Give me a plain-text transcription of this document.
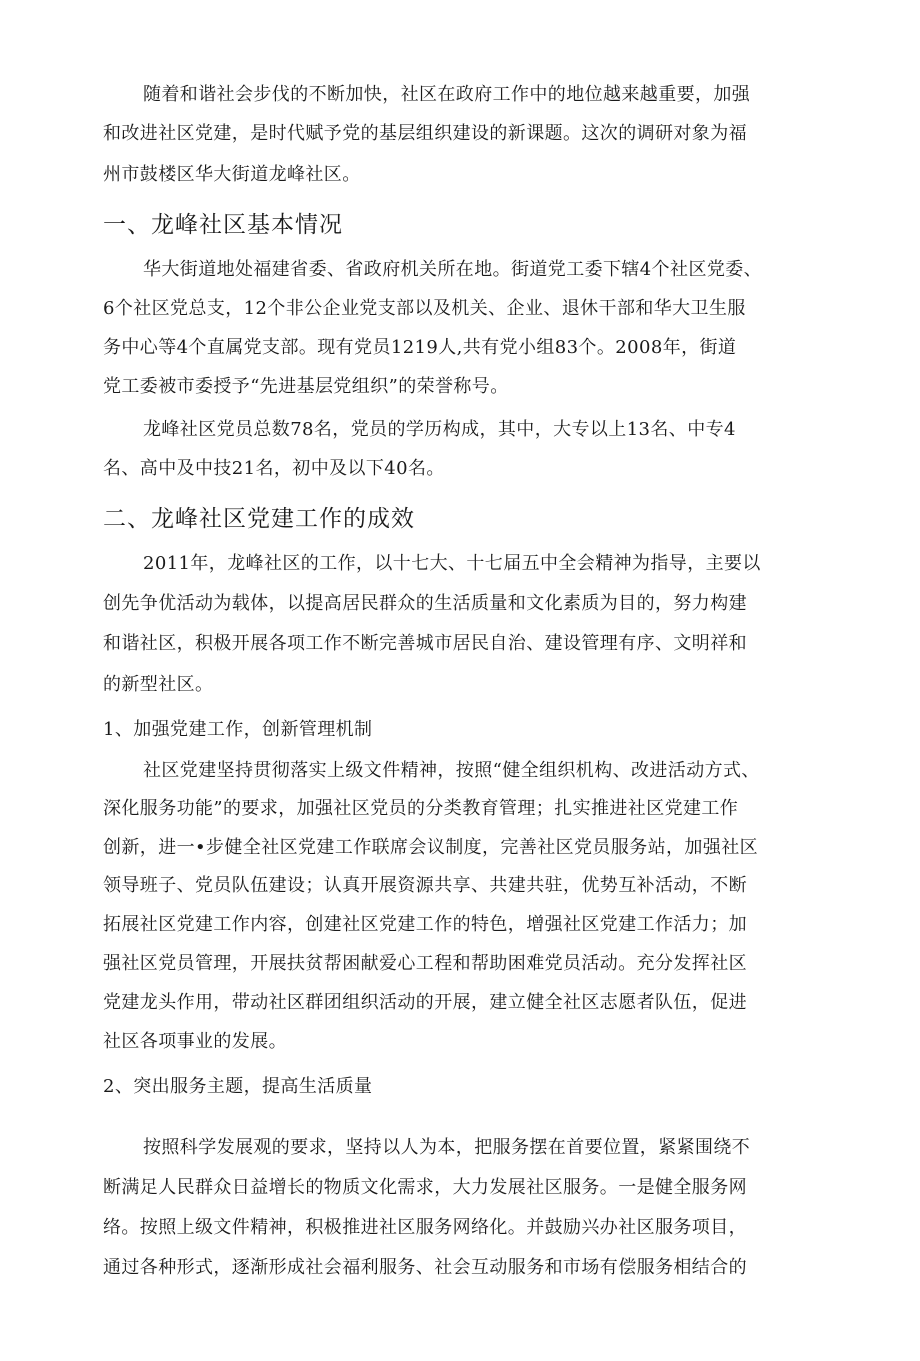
随着和谐社会步伐的不断加快，社区在政府工作中的地位越来越重要，加强
和改进社区党建，是时代赋予党的基层组织建设的新课题。这次的调研对象为福
州市鼓楼区华大街道龙峰社区。
一、龙峰社区基本情况
华大街道地处福建省委、省政府机关所在地。街道党工委下辖4个社区党委、
6个社区党总支，12个非公企业党支部以及机关、企业、退休干部和华大卫生服
务中心等4个直属党支部。现有党员1219人,共有党小组83个。2008年，街道
党工委被市委授予“先进基层党组织”的荣誉称号。
龙峰社区党员总数78名，党员的学历构成，其中，大专以上13名、中专4
名、高中及中技21名，初中及以下40名。
二、龙峰社区党建工作的成效
2011年，龙峰社区的工作，以十七大、十七届五中全会精神为指导，主要以
创先争优活动为载体，以提高居民群众的生活质量和文化素质为目的，努力构建
和谐社区，积极开展各项工作不断完善城市居民自治、建设管理有序、文明祥和
的新型社区。
1、加强党建工作，创新管理机制
社区党建坚持贯彻落实上级文件精神，按照“健全组织机构、改进活动方式、
深化服务功能”的要求，加强社区党员的分类教育管理；扎实推进社区党建工作
创新，进一•步健全社区党建工作联席会议制度，完善社区党员服务站，加强社区
领导班子、党员队伍建设；认真开展资源共享、共建共驻，优势互补活动，不断
拓展社区党建工作内容，创建社区党建工作的特色，增强社区党建工作活力；加
强社区党员管理，开展扶贫帮困献爱心工程和帮助困难党员活动。充分发挥社区
党建龙头作用，带动社区群团组织活动的开展，建立健全社区志愿者队伍，促进
社区各项事业的发展。
2、突出服务主题，提高生活质量
按照科学发展观的要求，坚持以人为本，把服务摆在首要位置，紧紧围绕不
断满足人民群众日益增长的物质文化需求，大力发展社区服务。一是健全服务网
络。按照上级文件精神，积极推进社区服务网络化。并鼓励兴办社区服务项目，
通过各种形式，逐渐形成社会福利服务、社会互动服务和市场有偿服务相结合的
